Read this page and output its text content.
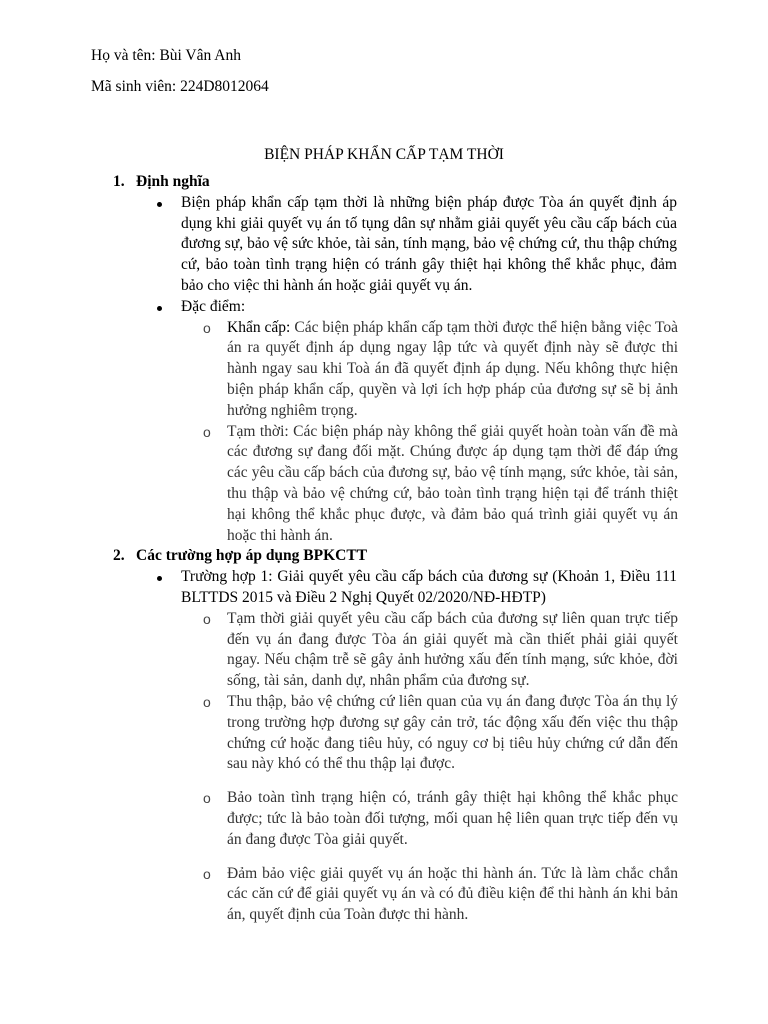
Họ và tên: Bùi Vân Anh
Mã sinh viên: 224D8012064
BIỆN PHÁP KHẨN CẤP TẠM THỜI
1. Định nghĩa
Biện pháp khẩn cấp tạm thời là những biện pháp được Tòa án quyết định áp dụng khi giải quyết vụ án tố tụng dân sự nhằm giải quyết yêu cầu cấp bách của đương sự, bảo vệ sức khỏe, tài sản, tính mạng, bảo vệ chứng cứ, thu thập chứng cứ, bảo toàn tình trạng hiện có tránh gây thiệt hại không thể khắc phục, đảm bảo cho việc thi hành án hoặc giải quyết vụ án.
Đặc điểm:
o Khẩn cấp: Các biện pháp khẩn cấp tạm thời được thể hiện bằng việc Toà án ra quyết định áp dụng ngay lập tức và quyết định này sẽ được thi hành ngay sau khi Toà án đã quyết định áp dụng. Nếu không thực hiện biện pháp khẩn cấp, quyền và lợi ích hợp pháp của đương sự sẽ bị ảnh hưởng nghiêm trọng.
o Tạm thời: Các biện pháp này không thể giải quyết hoàn toàn vấn đề mà các đương sự đang đối mặt. Chúng được áp dụng tạm thời để đáp ứng các yêu cầu cấp bách của đương sự, bảo vệ tính mạng, sức khỏe, tài sản, thu thập và bảo vệ chứng cứ, bảo toàn tình trạng hiện tại để tránh thiệt hại không thể khắc phục được, và đảm bảo quá trình giải quyết vụ án hoặc thi hành án.
2. Các trường hợp áp dụng BPKCTT
Trường hợp 1: Giải quyết yêu cầu cấp bách của đương sự (Khoản 1, Điều 111 BLTTDS 2015 và Điều 2 Nghị Quyết 02/2020/NĐ-HĐTP)
o Tạm thời giải quyết yêu cầu cấp bách của đương sự liên quan trực tiếp đến vụ án đang được Tòa án giải quyết mà cần thiết phải giải quyết ngay. Nếu chậm trễ sẽ gây ảnh hưởng xấu đến tính mạng, sức khỏe, đời sống, tài sản, danh dự, nhân phẩm của đương sự.
o Thu thập, bảo vệ chứng cứ liên quan của vụ án đang được Tòa án thụ lý trong trường hợp đương sự gây cản trở, tác động xấu đến việc thu thập chứng cứ hoặc đang tiêu hủy, có nguy cơ bị tiêu hủy chứng cứ dẫn đến sau này khó có thể thu thập lại được.
o Bảo toàn tình trạng hiện có, tránh gây thiệt hại không thể khắc phục được; tức là bảo toàn đối tượng, mối quan hệ liên quan trực tiếp đến vụ án đang được Tòa giải quyết.
o Đảm bảo việc giải quyết vụ án hoặc thi hành án. Tức là làm chắc chắn các căn cứ để giải quyết vụ án và có đủ điều kiện để thi hành án khi bản án, quyết định của Toàn được thi hành.
